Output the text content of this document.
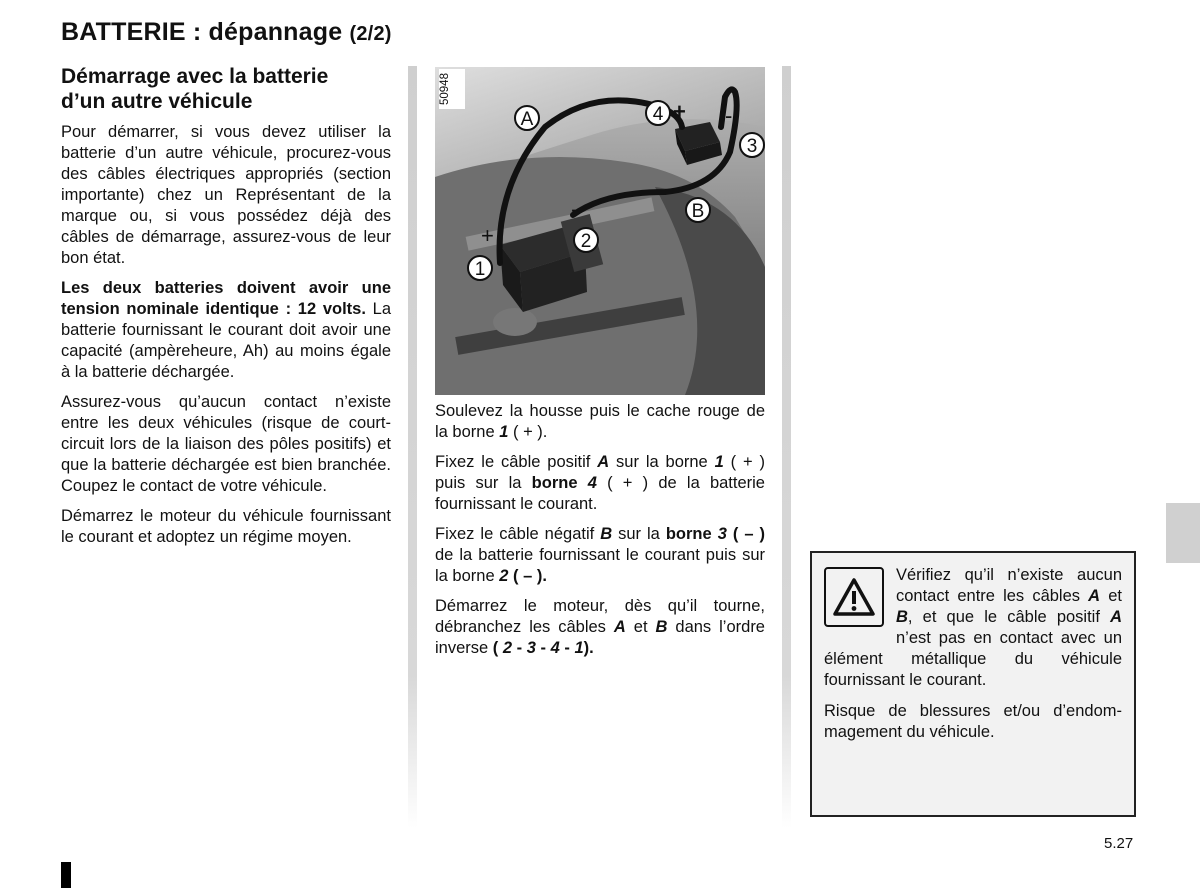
BATTERIE : dépannage (2/2)
Démarrage avec la batterie
d’un autre véhicule

Pour démarrer, si vous devez utiliser la batterie d’un autre véhicule, procurez-vous des câbles électriques appropriés (section importante) chez un Représentant de la marque ou, si vous possédez déjà des câbles de démarrage, assurez-vous de leur bon état.

Les deux batteries doivent avoir une tension nominale identique : 12 volts. La batterie fournissant le courant doit avoir une capacité (ampèreheure, Ah) au moins égale à la batterie déchargée.

Assurez-vous qu’aucun contact n’existe entre les deux véhicules (risque de court-circuit lors de la liaison des pôles positifs) et que la batterie déchargée est bien branchée. Coupez le contact de votre véhicule.

Démarrez le moteur du véhicule fournissant le courant et adoptez un régime moyen.

+
-
+ -
A	4
3
B
2
1
50948

Soulevez la housse puis le cache rouge de la borne 1 ( + ).

Fixez le câble positif A sur la borne 1 ( + ) puis sur la borne 4 ( + ) de la batterie fournissant le courant.

Fixez le câble négatif B sur la borne 3 ( – ) de la batterie fournissant le courant puis sur la borne 2 ( – ).

Démarrez le moteur, dès qu’il tourne, débranchez les câbles A et B dans l’ordre inverse ( 2 - 3 - 4 - 1).

Vérifiez qu’il n’existe aucun contact entre les câbles A et B, et que le câble positif A n’est pas en contact avec un élément métallique du véhicule fournissant le courant.

Risque de blessures et/ou d’endommagement du véhicule.

5.27
